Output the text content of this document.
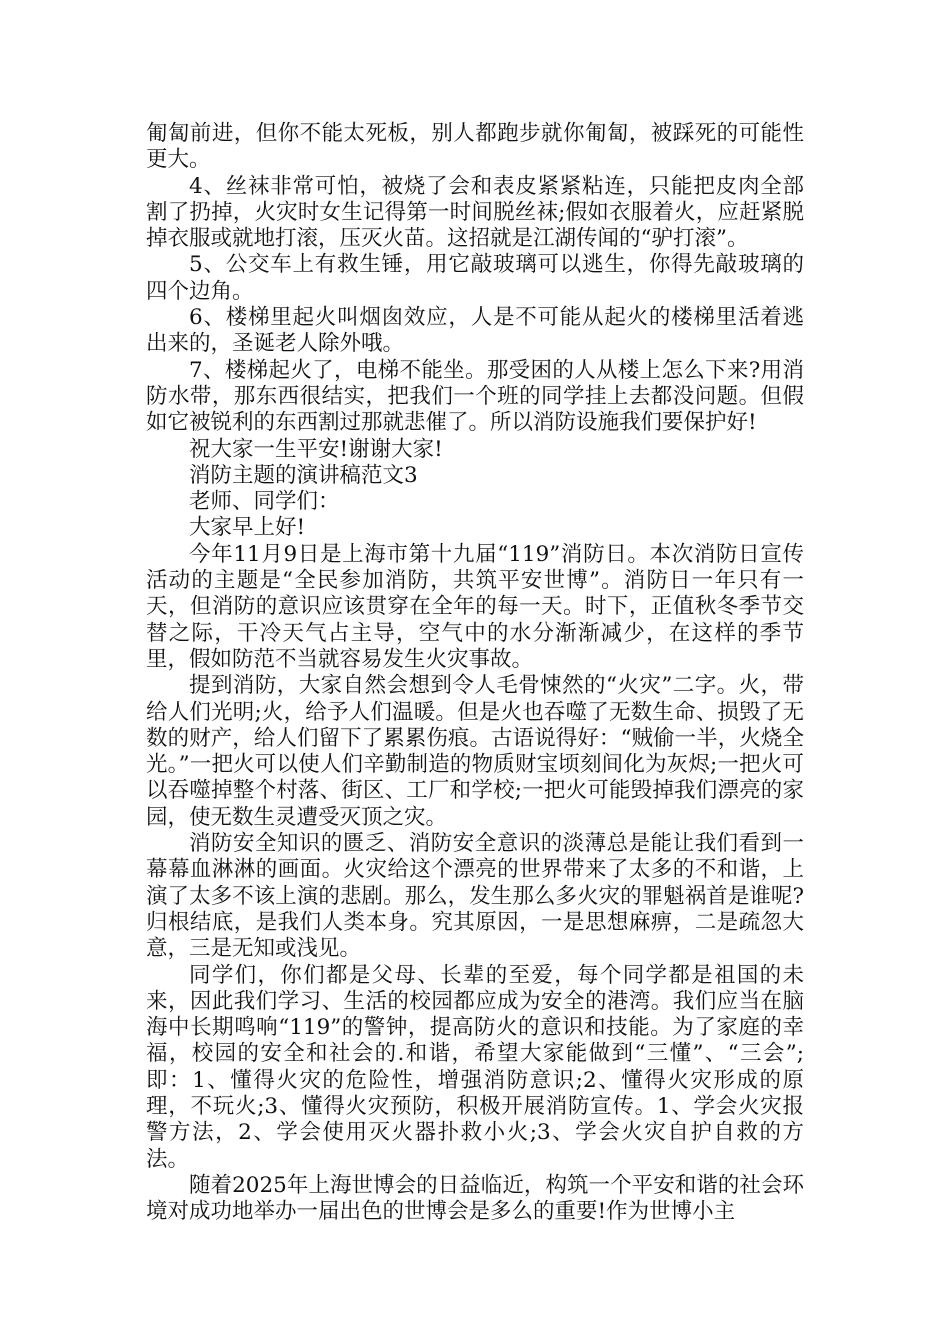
匍匐前进，但你不能太死板，别人都跑步就你匍匐，被踩死的可能性更大。

4、丝袜非常可怕，被烧了会和表皮紧紧粘连，只能把皮肉全部割了扔掉，火灾时女生记得第一时间脱丝袜;假如衣服着火，应赶紧脱掉衣服或就地打滚，压灭火苗。这招就是江湖传闻的“驴打滚”。

5、公交车上有救生锤，用它敲玻璃可以逃生，你得先敲玻璃的四个边角。

6、楼梯里起火叫烟囱效应，人是不可能从起火的楼梯里活着逃出来的，圣诞老人除外哦。

7、楼梯起火了，电梯不能坐。那受困的人从楼上怎么下来?用消防水带，那东西很结实，把我们一个班的同学挂上去都没问题。但假如它被锐利的东西割过那就悲催了。所以消防设施我们要保护好!

祝大家一生平安!谢谢大家!

消防主题的演讲稿范文3

老师、同学们：

大家早上好!

今年11月9日是上海市第十九届“119”消防日。本次消防日宣传活动的主题是“全民参加消防，共筑平安世博”。消防日一年只有一天，但消防的意识应该贯穿在全年的每一天。时下，正值秋冬季节交替之际，干冷天气占主导，空气中的水分渐渐减少，在这样的季节里，假如防范不当就容易发生火灾事故。

提到消防，大家自然会想到令人毛骨悚然的“火灾”二字。火，带给人们光明;火，给予人们温暖。但是火也吞噬了无数生命、损毁了无数的财产，给人们留下了累累伤痕。古语说得好：“贼偷一半，火烧全光。”一把火可以使人们辛勤制造的物质财宝顷刻间化为灰烬;一把火可以吞噬掉整个村落、街区、工厂和学校;一把火可能毁掉我们漂亮的家园，使无数生灵遭受灭顶之灾。

消防安全知识的匮乏、消防安全意识的淡薄总是能让我们看到一幕幕血淋淋的画面。火灾给这个漂亮的世界带来了太多的不和谐，上演了太多不该上演的悲剧。那么，发生那么多火灾的罪魁祸首是谁呢?归根结底，是我们人类本身。究其原因，一是思想麻痹，二是疏忽大意，三是无知或浅见。

同学们，你们都是父母、长辈的至爱，每个同学都是祖国的未来，因此我们学习、生活的校园都应成为安全的港湾。我们应当在脑海中长期鸣响“119”的警钟，提高防火的意识和技能。为了家庭的幸福，校园的安全和社会的.和谐，希望大家能做到“三懂”、“三会”;即：1、懂得火灾的危险性，增强消防意识;2、懂得火灾形成的原理，不玩火;3、懂得火灾预防，积极开展消防宣传。1、学会火灾报警方法，2、学会使用灭火器扑救小火;3、学会火灾自护自救的方法。

随着2025年上海世博会的日益临近，构筑一个平安和谐的社会环境对成功地举办一届出色的世博会是多么的重要!作为世博小主
